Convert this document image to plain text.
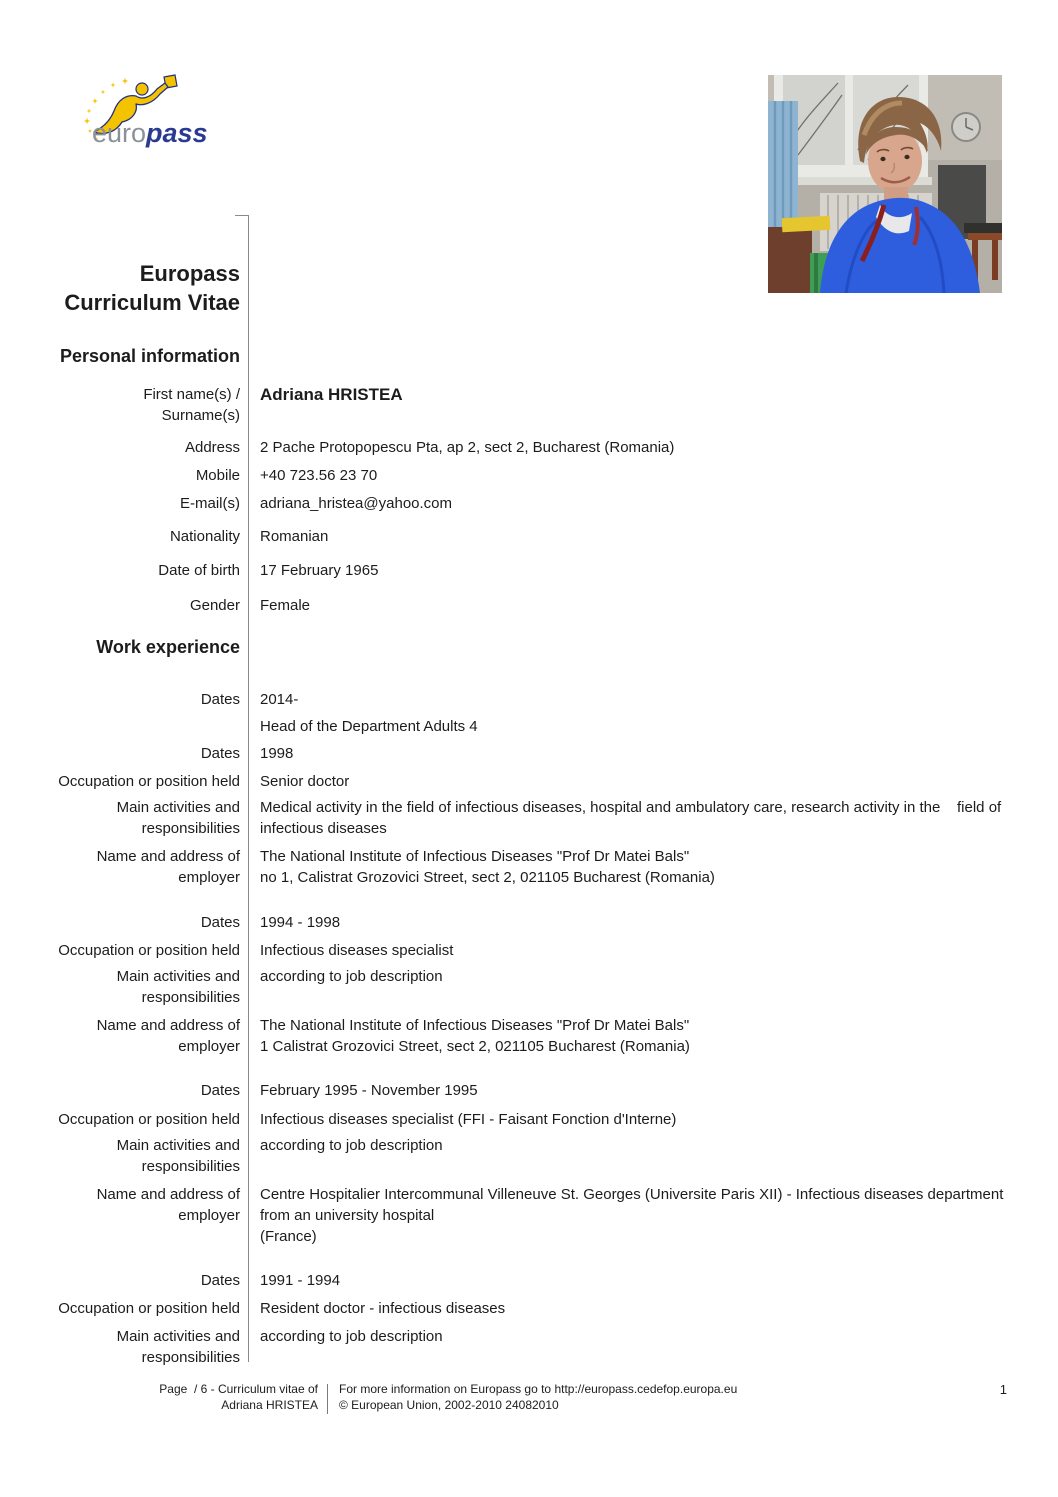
euro pass
Europass
Curriculum Vitae
Personal information
First name(s) /
Surname(s)
Adriana HRISTEA
Address 2 Pache Protopopescu Pta, ap 2, sect 2, Bucharest (Romania)
Mobile +40 723.56 23 70
E-mail(s) adriana_hristea@yahoo.com
Nationality Romanian
Date of birth 17 February 1965
Gender Female
Work experience
Dates 2014-
Head of the Department Adults 4
Dates 1998
Occupation or position held Senior doctor
Main activities and
responsibilities
Medical activity in the field of infectious diseases, hospital and ambulatory care, research activity in the    field of
infectious diseases
Name and address of
employer
The National Institute of Infectious Diseases "Prof Dr Matei Bals"
no 1, Calistrat Grozovici Street, sect 2, 021105 Bucharest (Romania)
Dates 1994 - 1998
Occupation or position held Infectious diseases specialist
Main activities and
responsibilities
according to job description
Name and address of
employer
The National Institute of Infectious Diseases "Prof Dr Matei Bals"
1 Calistrat Grozovici Street, sect 2, 021105 Bucharest (Romania)
Dates February 1995 - November 1995
Occupation or position held Infectious diseases specialist (FFI - Faisant Fonction d'Interne)
Main activities and
responsibilities
according to job description
Name and address of
employer
Centre Hospitalier Intercommunal Villeneuve St. Georges (Universite Paris XII) - Infectious diseases department
from an university hospital
(France)
Dates 1991 - 1994
Occupation or position held Resident doctor - infectious diseases
Main activities and
responsibilities
according to job description
Page  / 6 - Curriculum vitae of
Adriana HRISTEA
For more information on Europass go to http://europass.cedefop.europa.eu
© European Union, 2002-2010 24082010
1
